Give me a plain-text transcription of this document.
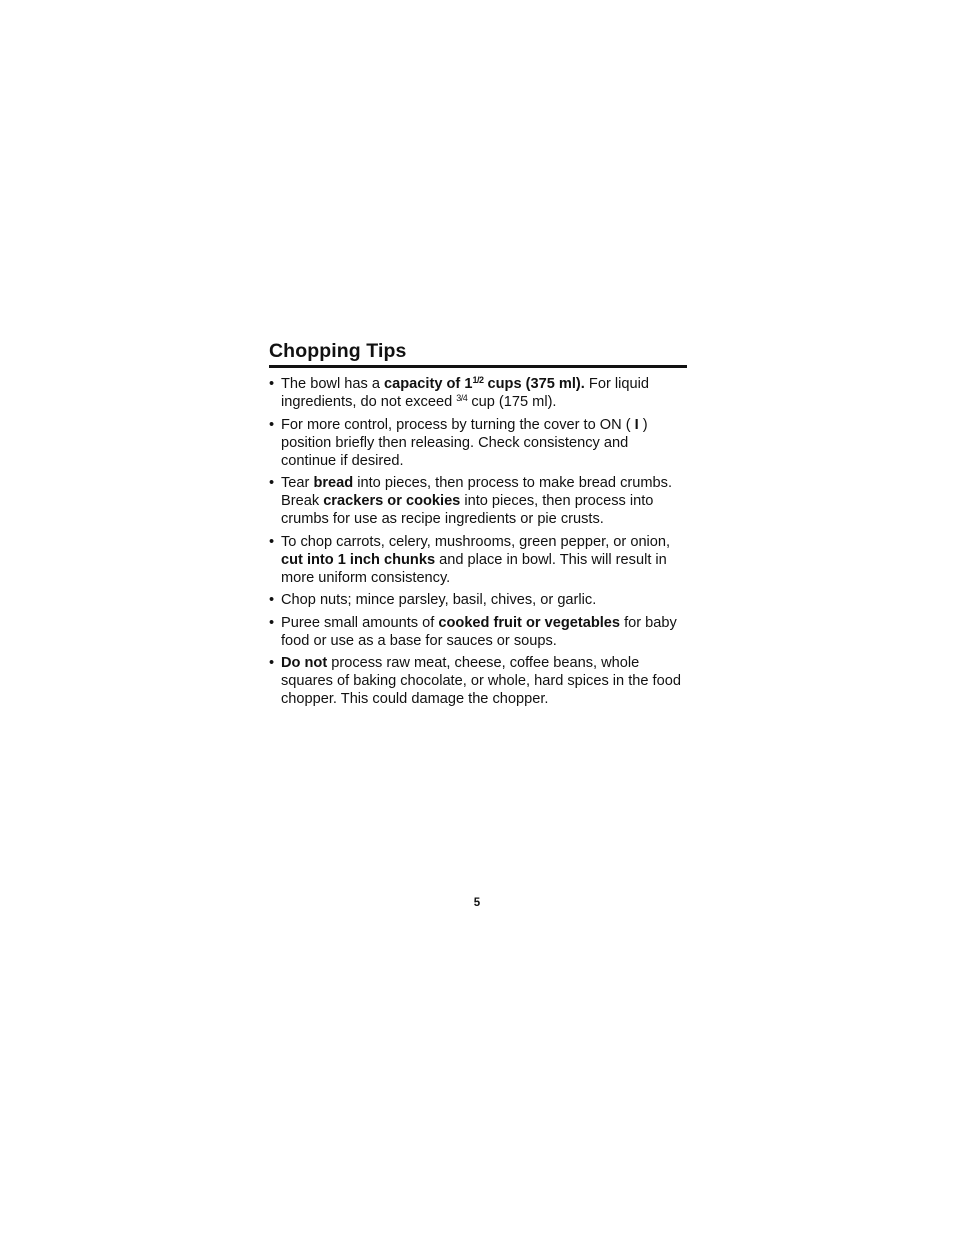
Chopping Tips
• The bowl has a capacity of $1^{1/2}$ cups (375 ml). For liquid ingredients, do not exceed $^{3/4}$ cup (175 ml).
• For more control, process by turning the cover to ON ( I ) position briefly then releasing. Check consistency and continue if desired.
• Tear bread into pieces, then process to make bread crumbs. Break crackers or cookies into pieces, then process into crumbs for use as recipe ingredients or pie crusts.
• To chop carrots, celery, mushrooms, green pepper, or onion, cut into 1 inch chunks and place in bowl. This will result in more uniform consistency.
• Chop nuts; mince parsley, basil, chives, or garlic.
• Puree small amounts of cooked fruit or vegetables for baby food or use as a base for sauces or soups.
• Do not process raw meat, cheese, coffee beans, whole squares of baking chocolate, or whole, hard spices in the food chopper. This could damage the chopper.
5
